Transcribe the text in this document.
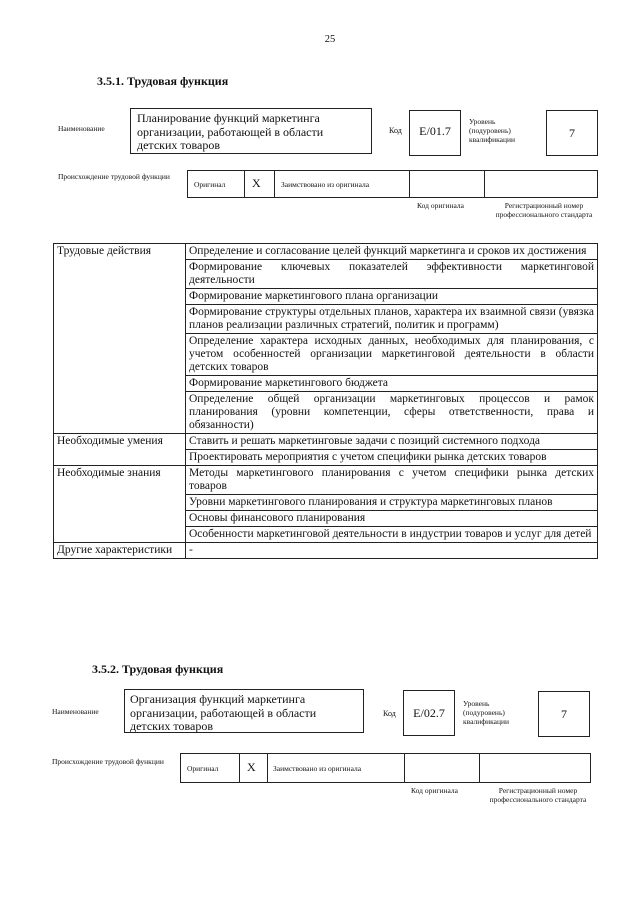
25
3.5.1. Трудовая функция
Наименование
Планирование функций маркетинга организации, работающей в области детских товаров
Код	E/01.7
Уровень (подуровень) квалификации	7
Происхождение трудовой функции
Оригинал X	Заимствовано из оригинала
Код оригинала	Регистрационный номер профессионального стандарта
Трудовые действия	Определение и согласование целей функций маркетинга и сроков их достижения
	Формирование ключевых показателей эффективности маркетинговой деятельности
	Формирование маркетингового плана организации
	Формирование структуры отдельных планов, характера их взаимной связи (увязка планов реализации различных стратегий, политик и программ)
	Определение характера исходных данных, необходимых для планирования, с учетом особенностей организации маркетинговой деятельности в области детских товаров
	Формирование маркетингового бюджета
	Определение общей организации маркетинговых процессов и рамок планирования (уровни компетенции, сферы ответственности, права и обязанности)
Необходимые умения	Ставить и решать маркетинговые задачи с позиций системного подхода
	Проектировать мероприятия с учетом специфики рынка детских товаров
Необходимые знания	Методы маркетингового планирования с учетом специфики рынка детских товаров
	Уровни маркетингового планирования и структура маркетинговых планов
	Основы финансового планирования
	Особенности маркетинговой деятельности в индустрии товаров и услуг для детей
Другие характеристики	-
3.5.2. Трудовая функция
Наименование
Организация функций маркетинга организации, работающей в области детских товаров
Код	E/02.7
Уровень (подуровень) квалификации
7
Происхождение трудовой функции
Оригинал X Заимствовано из оригинала
Код оригинала	Регистрационный номер профессионального стандарта
